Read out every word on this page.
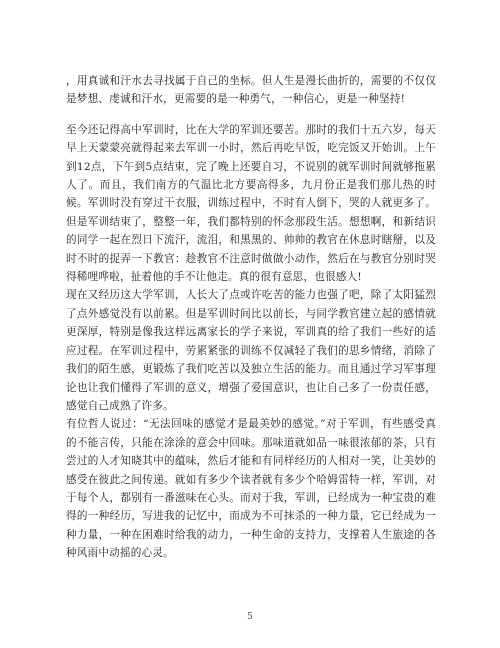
，用真诚和汗水去寻找属于自己的坐标。但人生是漫长曲折的，需要的不仅仅是梦想、虔诚和汗水，更需要的是一种勇气，一种信心，更是一种坚持!

至今还记得高中军训时，比在大学的军训还要苦。那时的我们十五六岁，每天早上天蒙蒙亮就得起来去军训一小时，然后再吃早饭，吃完饭又开始训。上午到12点，下午到5点结束，完了晚上还要自习，不说别的就军训时间就够拖累人了。而且，我们南方的气温比北方要高得多，九月份正是我们那儿热的时候。军训时没有穿过干衣服，训练过程中，不时有人倒下，哭的人就更多了。但是军训结束了，整整一年，我们都特别的怀念那段生活。想想啊，和新结识的同学一起在烈日下流汗，流泪，和黑黑的、帅帅的教官在休息时瞎掰，以及时不时的捉弄一下教官：趁教官不注意时做做小动作，然后在与教官分别时哭得稀哩哗啦，扯着他的手不让他走。真的很有意思，也很感人!

现在又经历这大学军训，人长大了点或许吃苦的能力也强了吧，除了太阳猛烈了点外感觉没有以前累。但是军训时间比以前长，与同学教官建立起的感情就更深厚，特别是像我这样远离家长的学子来说，军训真的给了我们一些好的适应过程。在军训过程中，劳累紧张的训练不仅减轻了我们的思乡情绪，消除了我们的陌生感，更锻炼了我们吃苦以及独立生活的能力。而且通过学习军事理论也让我们懂得了军训的意义，增强了爱国意识，也让自己多了一份责任感，感觉自己成熟了许多。

有位哲人说过：“无法回味的感觉才是最美妙的感觉。”对于军训，有些感受真的不能言传，只能在涂涂的意会中回味。那味道就如品一味很浓郁的茶，只有尝过的人才知晓其中的蕴味，然后才能和有同样经历的人相对一笑，让美妙的感受在彼此之间传递。就如有多少个读者就有多少个哈姆雷特一样，军训，对于每个人，都别有一番滋味在心头。而对于我，军训，已经成为一种宝贵的难得的一种经历，写进我的记忆中，而成为不可抹杀的一种力量，它已经成为一种力量，一种在困难时给我的动力，一种生命的支持力，支撑着人生旅途的各种风雨中动摇的心灵。

5
